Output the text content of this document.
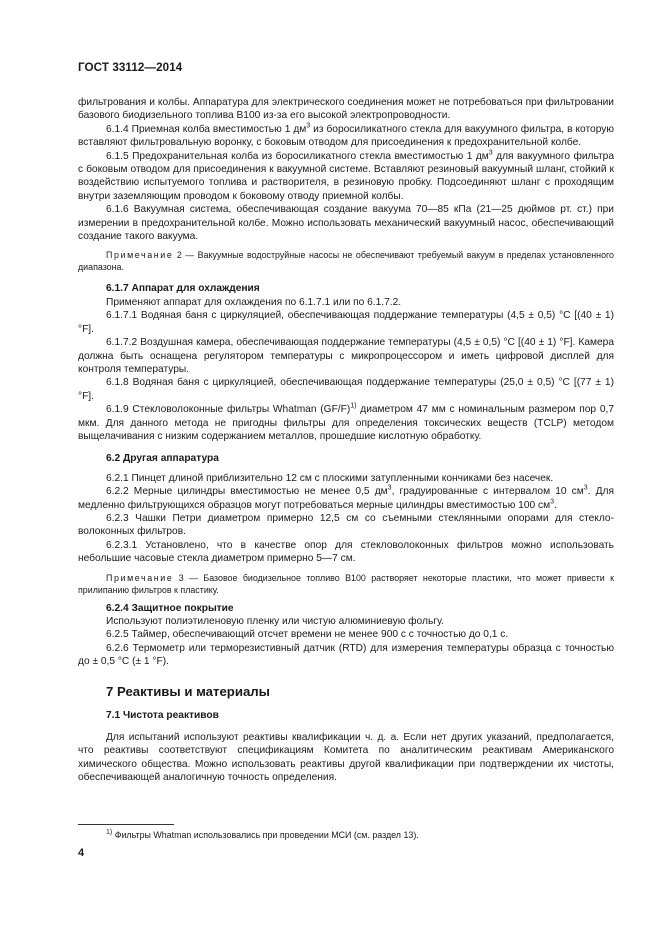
ГОСТ 33112—2014

фильтрования и колбы. Аппаратура для электрического соединения может не потребоваться при фильтровании базового биодизельного топлива В100 из-за его высокой электропроводности.

6.1.4 Приемная колба вместимостью 1 $дм^3$ из боросиликатного стекла для вакуумного фильтра, в которую вставляют фильтровальную воронку, с боковым отводом для присоединения к предохранительной колбе.

6.1.5 Предохранительная колба из боросиликатного стекла вместимостью 1 $дм^3$ для вакуумного фильтра с боковым отводом для присоединения к вакуумной системе. Вставляют резиновый вакуумный шланг, стойкий к воздействию испытуемого топлива и растворителя, в резиновую пробку. Подсоединяют шланг с проходящим внутри заземляющим проводом к боковому отводу приемной колбы.

6.1.6 Вакуумная система, обеспечивающая создание вакуума 70—85 кПа (21—25 дюймов рт. ст.) при измерении в предохранительной колбе. Можно использовать механический вакуумный насос, обеспечивающий создание такого вакуума.

Примечание 2 — Вакуумные водоструйные насосы не обеспечивают требуемый вакуум в пределах установленного диапазона.

6.1.7 Аппарат для охлаждения

Применяют аппарат для охлаждения по 6.1.7.1 или по 6.1.7.2.

6.1.7.1 Водяная баня с циркуляцией, обеспечивающая поддержание температуры (4,5 ± 0,5) °С [(40 ± 1) °F].

6.1.7.2 Воздушная камера, обеспечивающая поддержание температуры (4,5 ± 0,5) °С [(40 ± 1) °F]. Камера должна быть оснащена регулятором температуры с микропроцессором и иметь цифровой дисплей для контроля температуры.

6.1.8 Водяная баня с циркуляцией, обеспечивающая поддержание температуры (25,0 ± 0,5) °С [(77 ± 1) °F].

6.1.9 Стекловолоконные фильтры Whatman $(GF/F)^{1)}$ диаметром 47 мм с номинальным размером пор 0,7 мкм. Для данного метода не пригодны фильтры для определения токсических веществ (TCLP) методом выщелачивания с низким содержанием металлов, прошедшие кислотную обработку.

6.2 Другая аппаратура

6.2.1 Пинцет длиной приблизительно 12 см с плоскими затупленными кончиками без насечек.

6.2.2 Мерные цилиндры вместимостью не менее 0,5 $дм^3$, градуированные с интервалом 10 $см^3$. Для медленно фильтрующихся образцов могут потребоваться мерные цилиндры вместимостью 100 $см^3$.

6.2.3 Чашки Петри диаметром примерно 12,5 см со съемными стеклянными опорами для стекловолоконных фильтров.

6.2.3.1 Установлено, что в качестве опор для стекловолоконных фильтров можно использовать небольшие часовые стекла диаметром примерно 5—7 см.

Примечание 3 — Базовое биодизельное топливо В100 растворяет некоторые пластики, что может привести к прилипанию фильтров к пластику.

6.2.4 Защитное покрытие

Используют полиэтиленовую пленку или чистую алюминиевую фольгу.

6.2.5 Таймер, обеспечивающий отсчет времени не менее 900 с с точностью до 0,1 с.

6.2.6 Термометр или терморезистивный датчик (RTD) для измерения температуры образца с точностью до ± 0,5 °С (± 1 °F).

7 Реактивы и материалы

7.1 Чистота реактивов

Для испытаний используют реактивы квалификации ч. д. а. Если нет других указаний, предполагается, что реактивы соответствуют спецификациям Комитета по аналитическим реактивам Американского химического общества. Можно использовать реактивы другой квалификации при подтверждении их чистоты, обеспечивающей аналогичную точность определения.

$^{1)}$ Фильтры Whatman использовались при проведении МСИ (см. раздел 13).
4
